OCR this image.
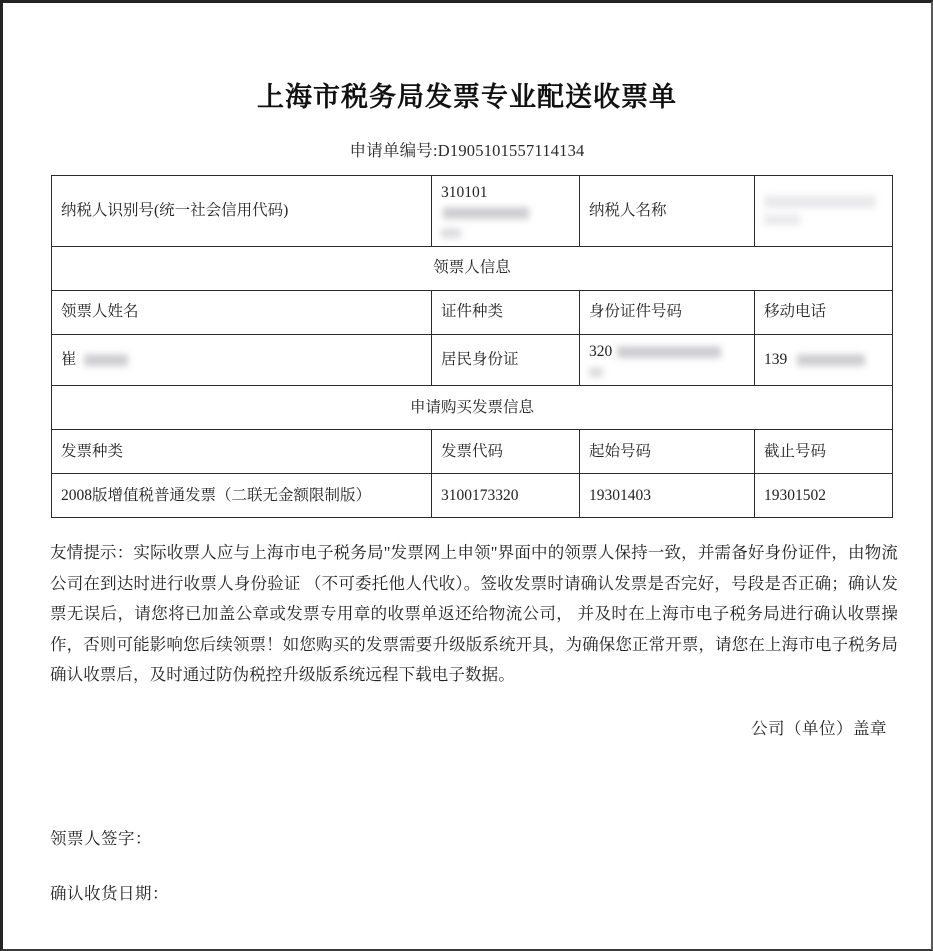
上海市税务局发票专业配送收票单
申请单编号:D1905101557114134
纳税人识别号(统一社会信用代码)	310101	纳税人名称	

领票人信息			
领票人姓名	证件种类	身份证件号码	移动电话
崔	居民身份证	320	139
申请购买发票信息			
发票种类	发票代码	起始号码	截止号码
2008版增值税普通发票（二联无金额限制版）	3100173320	19301403	19301502

友情提示：实际收票人应与上海市电子税务局"发票网上申领"界面中的领票人保持一致，并需备好身份证件，由物流公司在到达时进行收票人身份验证 （不可委托他人代收）。签收发票时请确认发票是否完好，号段是否正确；确认发票无误后，请您将已加盖公章或发票专用章的收票单返还给物流公司， 并及时在上海市电子税务局进行确认收票操作，否则可能影响您后续领票！如您购买的发票需要升级版系统开具，为确保您正常开票，请您在上海市电子税务局 确认收票后，及时通过防伪税控升级版系统远程下载电子数据。

公司（单位）盖章
领票人签字：
确认收货日期：
